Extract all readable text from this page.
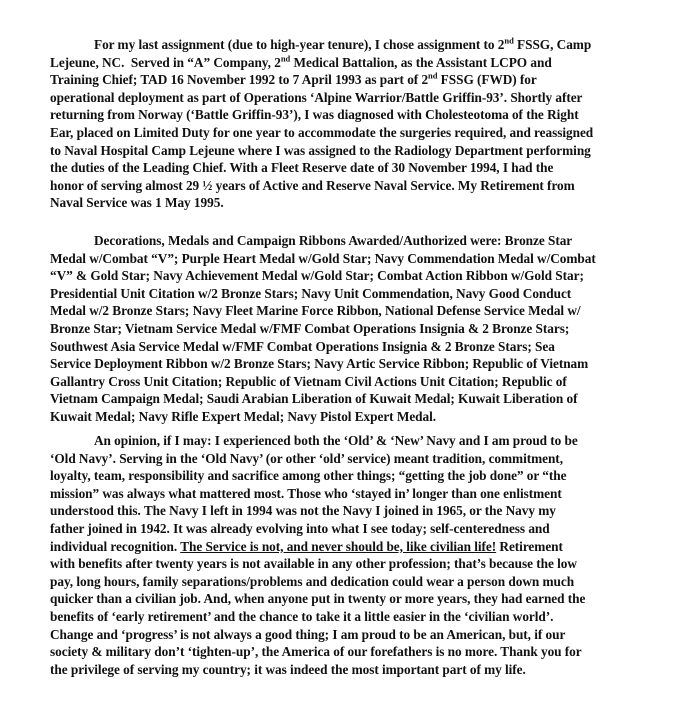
For my last assignment (due to high-year tenure), I chose assignment to 2nd FSSG, Camp
Lejeune, NC.  Served in “A” Company, 2nd Medical Battalion, as the Assistant LCPO and
Training Chief; TAD 16 November 1992 to 7 April 1993 as part of 2nd FSSG (FWD) for
operational deployment as part of Operations ‘Alpine Warrior/Battle Griffin-93’. Shortly after
returning from Norway (‘Battle Griffin-93’), I was diagnosed with Cholesteotoma of the Right
Ear, placed on Limited Duty for one year to accommodate the surgeries required, and reassigned
to Naval Hospital Camp Lejeune where I was assigned to the Radiology Department performing
the duties of the Leading Chief. With a Fleet Reserve date of 30 November 1994, I had the
honor of serving almost 29 ½ years of Active and Reserve Naval Service. My Retirement from
Naval Service was 1 May 1995.
Decorations, Medals and Campaign Ribbons Awarded/Authorized were: Bronze Star
Medal w/Combat “V”; Purple Heart Medal w/Gold Star; Navy Commendation Medal w/Combat
“V” & Gold Star; Navy Achievement Medal w/Gold Star; Combat Action Ribbon w/Gold Star;
Presidential Unit Citation w/2 Bronze Stars; Navy Unit Commendation, Navy Good Conduct
Medal w/2 Bronze Stars; Navy Fleet Marine Force Ribbon, National Defense Service Medal w/
Bronze Star; Vietnam Service Medal w/FMF Combat Operations Insignia & 2 Bronze Stars;
Southwest Asia Service Medal w/FMF Combat Operations Insignia & 2 Bronze Stars; Sea
Service Deployment Ribbon w/2 Bronze Stars; Navy Artic Service Ribbon; Republic of Vietnam
Gallantry Cross Unit Citation; Republic of Vietnam Civil Actions Unit Citation; Republic of
Vietnam Campaign Medal; Saudi Arabian Liberation of Kuwait Medal; Kuwait Liberation of
Kuwait Medal; Navy Rifle Expert Medal; Navy Pistol Expert Medal.
An opinion, if I may: I experienced both the ‘Old’ & ‘New’ Navy and I am proud to be
‘Old Navy’. Serving in the ‘Old Navy’ (or other ‘old’ service) meant tradition, commitment,
loyalty, team, responsibility and sacrifice among other things; “getting the job done” or “the
mission” was always what mattered most. Those who ‘stayed in’ longer than one enlistment
understood this. The Navy I left in 1994 was not the Navy I joined in 1965, or the Navy my
father joined in 1942. It was already evolving into what I see today; self-centeredness and
individual recognition. The Service is not, and never should be, like civilian life! Retirement
with benefits after twenty years is not available in any other profession; that’s because the low
pay, long hours, family separations/problems and dedication could wear a person down much
quicker than a civilian job. And, when anyone put in twenty or more years, they had earned the
benefits of ‘early retirement’ and the chance to take it a little easier in the ‘civilian world’.
Change and ‘progress’ is not always a good thing; I am proud to be an American, but, if our
society & military don’t ‘tighten-up’, the America of our forefathers is no more. Thank you for
the privilege of serving my country; it was indeed the most important part of my life.
